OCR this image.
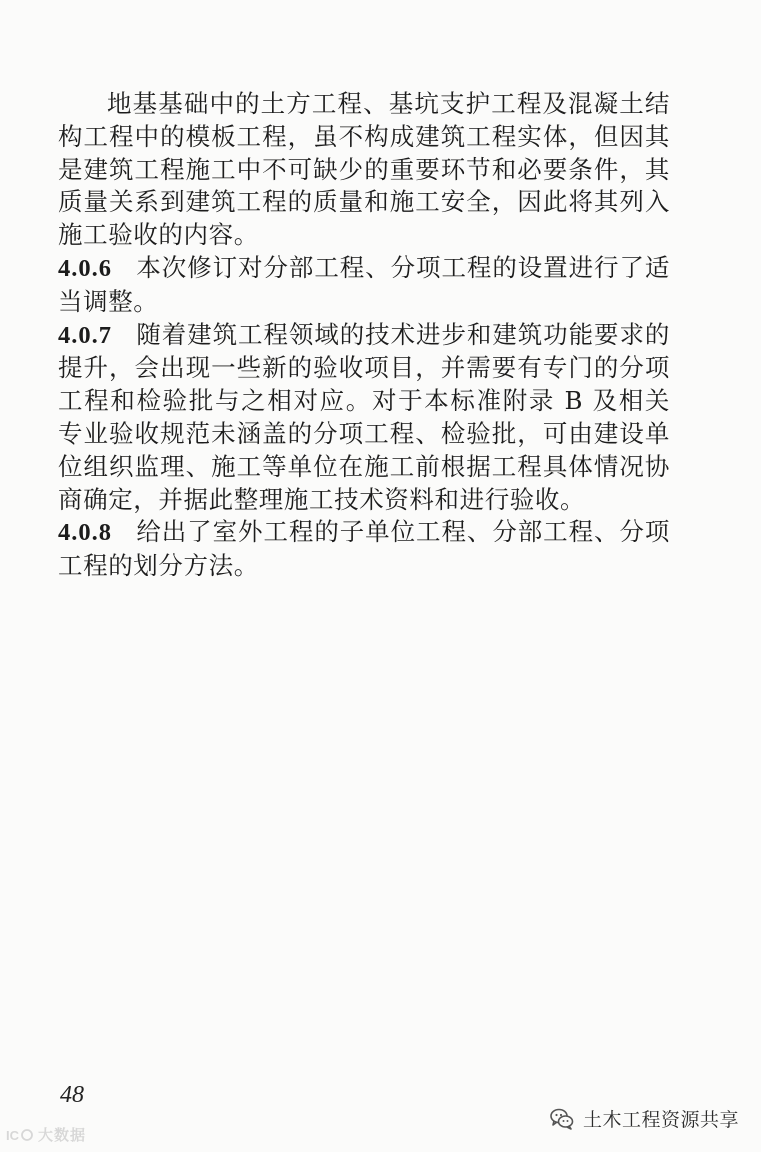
地基基础中的土方工程、基坑支护工程及混凝土结构工程中的模板工程，虽不构成建筑工程实体，但因其是建筑工程施工中不可缺少的重要环节和必要条件，其质量关系到建筑工程的质量和施工安全，因此将其列入施工验收的内容。

4.0.6 本次修订对分部工程、分项工程的设置进行了适当调整。

4.0.7 随着建筑工程领域的技术进步和建筑功能要求的提升，会出现一些新的验收项目，并需要有专门的分项工程和检验批与之相对应。对于本标准附录 B 及相关专业验收规范未涵盖的分项工程、检验批，可由建设单位组织监理、施工等单位在施工前根据工程具体情况协商确定，并据此整理施工技术资料和进行验收。

4.0.8 给出了室外工程的子单位工程、分部工程、分项工程的划分方法。

48
土木工程资源共享
IC 大数据
